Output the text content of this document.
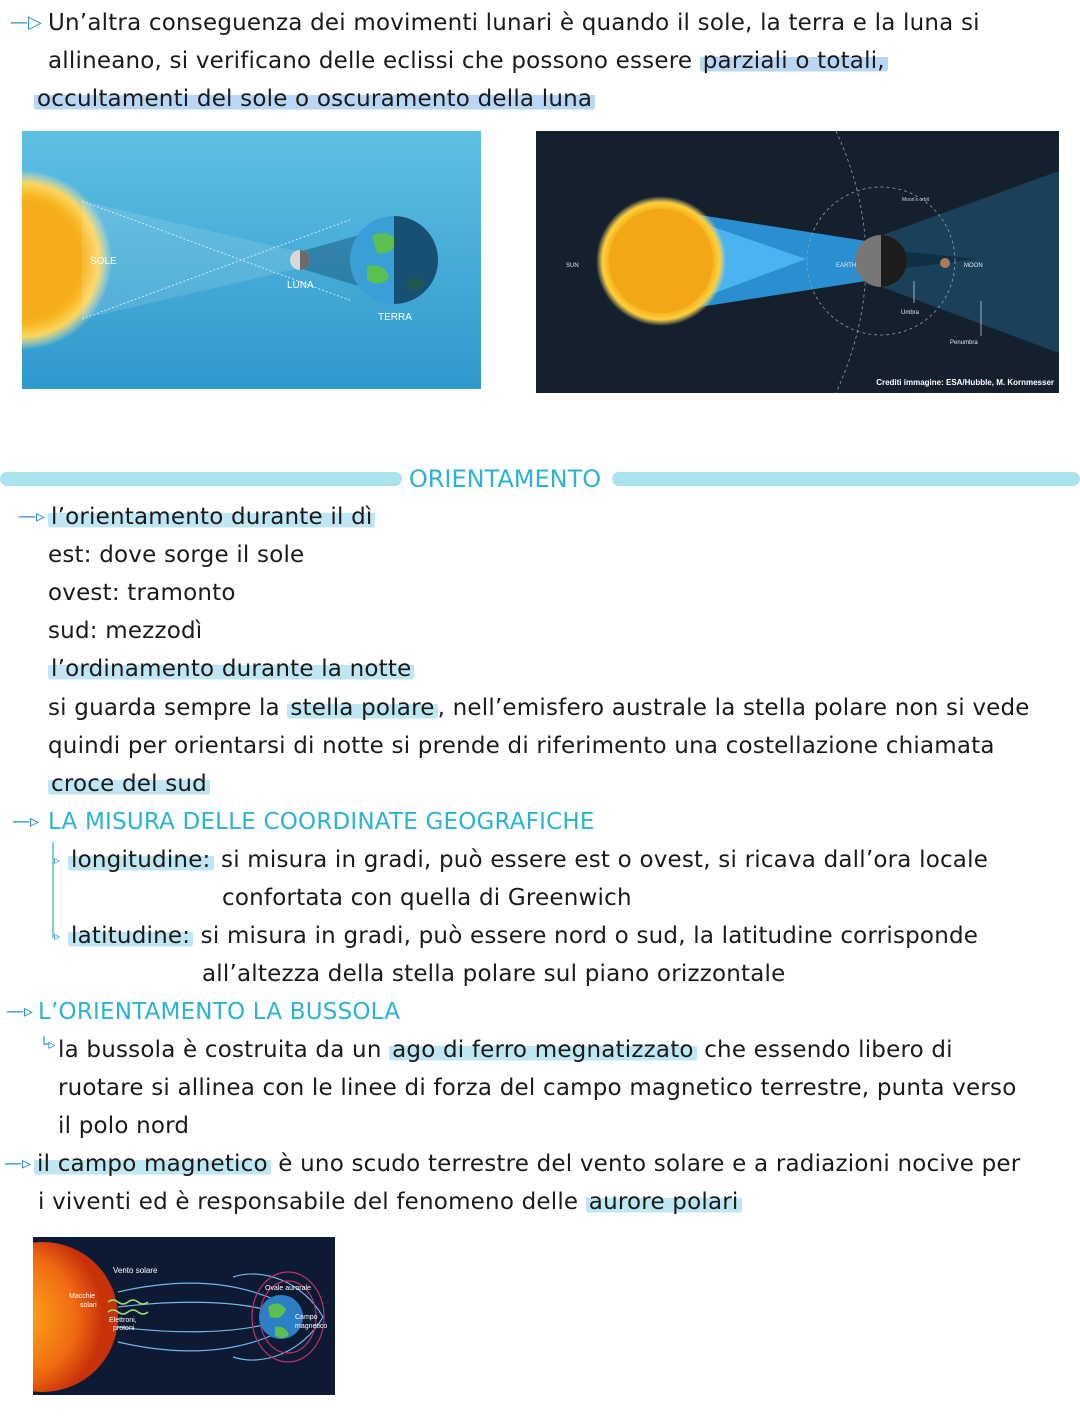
—▷ Un’altra conseguenza dei movimenti lunari è quando il sole, la terra e la luna si
allineano, si verificano delle eclissi che possono essere parziali o totali,
occultamenti del sole o oscuramento della luna
SOLE
LUNA
TERRA
SUN	EARTH	MOON
Umbra
Penumbra
Moon's orbit
Crediti immagine: ESA/Hubble, M. Kornmesser
ORIENTAMENTO
—▹ l’orientamento durante il dì
est: dove sorge il sole
ovest: tramonto
sud: mezzodì
l’ordinamento durante la notte
si guarda sempre la stella polare , nell’emisfero australe la stella polare non si vede
quindi per orientarsi di notte si prende di riferimento una costellazione chiamata
croce del sud
—▹ LA MISURA DELLE COORDINATE GEOGRAFICHE
▹ longitudine: si misura in gradi, può essere est o ovest, si ricava dall’ora locale
confortata con quella di Greenwich
▹ latitudine: si misura in gradi, può essere nord o sud, la latitudine corrisponde
all’altezza della stella polare sul piano orizzontale
—▹ L’ORIENTAMENTO LA BUSSOLA
└▹ la bussola è costruita da un ago di ferro megnatizzato che essendo libero di
ruotare si allinea con le linee di forza del campo magnetico terrestre, punta verso
il polo nord
—▹ il campo magnetico è uno scudo terrestre del vento solare e a radiazioni nocive per
i viventi ed è responsabile del fenomeno delle aurore polari
Vento solare
Macchie
solari
Elettroni,
protoni
Ovale aurorale
Campo
magnetico
